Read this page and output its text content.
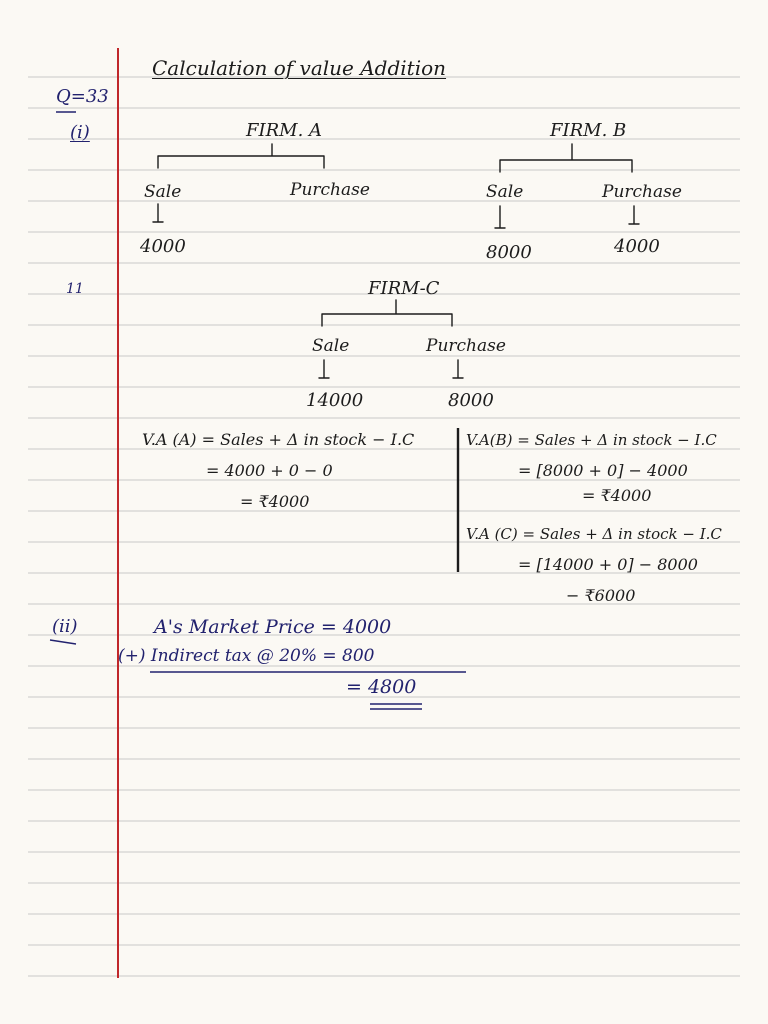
Calculation of value Addition
Q=33
(i)
11
FIRM. A
Sale	Purchase
4000
FIRM. B
Sale	Purchase
8000	4000
FIRM-C
Sale	Purchase
14000	8000
V.A (A) = Sales + Δ in stock − I.C
= 4000 + 0 − 0
= ₹4000
V.A(B) = Sales + Δ in stock − I.C
= [8000 + 0] − 4000
= ₹4000
V.A (C) = Sales + Δ in stock − I.C
= [14000 + 0] − 8000
− ₹6000
(ii)	A's Market Price = 4000
(+) Indirect tax @ 20% = 800
= 4800
